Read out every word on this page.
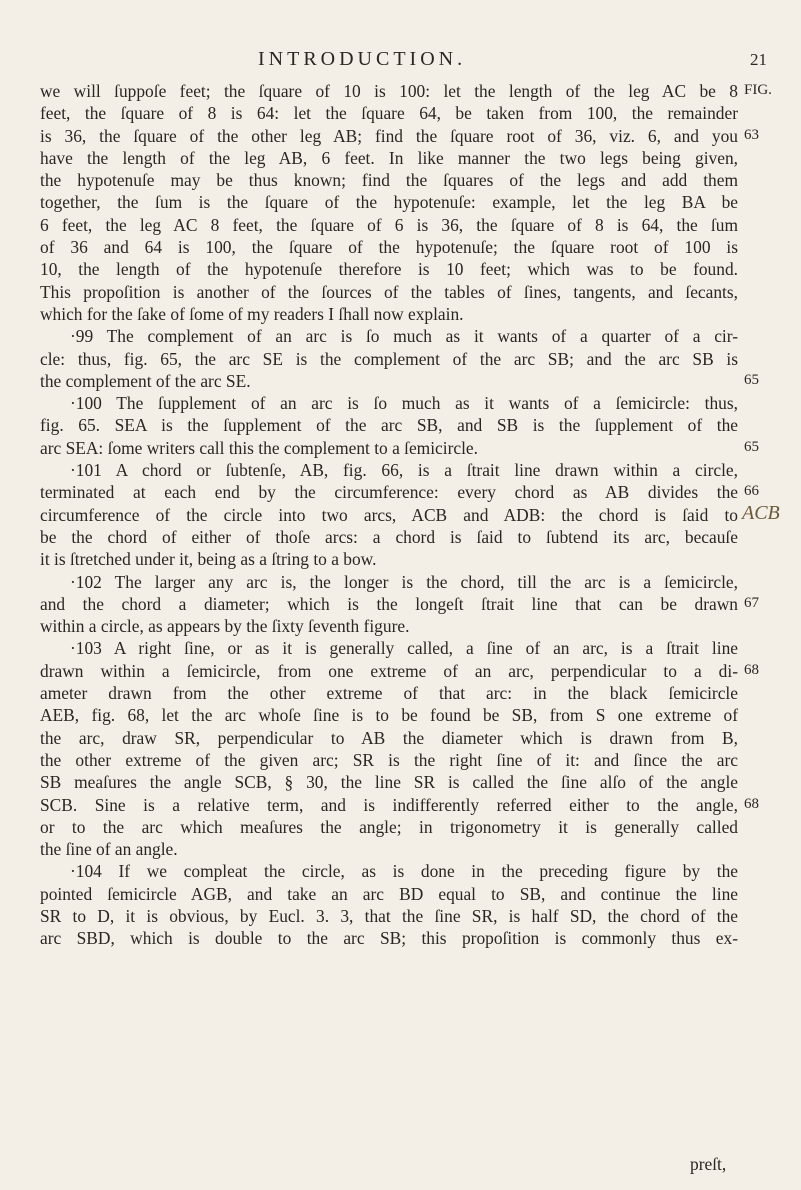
INTRODUCTION.	21
we will ſuppoſe feet; the ſquare of 10 is 100: let the length of the leg AC be 8
feet, the ſquare of 8 is 64: let the ſquare 64, be taken from 100, the remainder
is 36, the ſquare of the other leg AB; find the ſquare root of 36, viz. 6, and you
have the length of the leg AB, 6 feet. In like manner the two legs being given,
the hypotenuſe may be thus known; find the ſquares of the legs and add them
together, the ſum is the ſquare of the hypotenuſe: example, let the leg BA be
6 feet, the leg AC 8 feet, the ſquare of 6 is 36, the ſquare of 8 is 64, the ſum
of 36 and 64 is 100, the ſquare of the hypotenuſe; the ſquare root of 100 is
10, the length of the hypotenuſe therefore is 10 feet; which was to be found.
This propoſition is another of the ſources of the tables of ſines, tangents, and ſecants,
which for the ſake of ſome of my readers I ſhall now explain.
·99 The complement of an arc is ſo much as it wants of a quarter of a cir-
cle: thus, fig. 65, the arc SE is the complement of the arc SB; and the arc SB is
the complement of the arc SE.
·100 The ſupplement of an arc is ſo much as it wants of a ſemicircle: thus,
fig. 65. SEA is the ſupplement of the arc SB, and SB is the ſupplement of the
arc SEA: ſome writers call this the complement to a ſemicircle.
·101 A chord or ſubtenſe, AB, fig. 66, is a ſtrait line drawn within a circle,
terminated at each end by the circumference: every chord as AB divides the
circumference of the circle into two arcs, ACB and ADB: the chord is ſaid to
be the chord of either of thoſe arcs: a chord is ſaid to ſubtend its arc, becauſe
it is ſtretched under it, being as a ſtring to a bow.
·102 The larger any arc is, the longer is the chord, till the arc is a ſemicircle,
and the chord a diameter; which is the longeſt ſtrait line that can be drawn
within a circle, as appears by the ſixty ſeventh figure.
·103 A right ſine, or as it is generally called, a ſine of an arc, is a ſtrait line
drawn within a ſemicircle, from one extreme of an arc, perpendicular to a di-
ameter drawn from the other extreme of that arc: in the black ſemicircle
AEB, fig. 68, let the arc whoſe ſine is to be found be SB, from S one extreme of
the arc, draw SR, perpendicular to AB the diameter which is drawn from B,
the other extreme of the given arc; SR is the right ſine of it: and ſince the arc
SB meaſures the angle SCB, § 30, the line SR is called the ſine alſo of the angle
SCB. Sine is a relative term, and is indifferently referred either to the angle,
or to the arc which meaſures the angle; in trigonometry it is generally called
the ſine of an angle.
·104 If we compleat the circle, as is done in the preceding figure by the
pointed ſemicircle AGB, and take an arc BD equal to SB, and continue the line
SR to D, it is obvious, by Eucl. 3. 3, that the ſine SR, is half SD, the chord of the
arc SBD, which is double to the arc SB; this propoſition is commonly thus ex-
FIG.
63
65
65
66
ACB
67
68
68
preſt,
